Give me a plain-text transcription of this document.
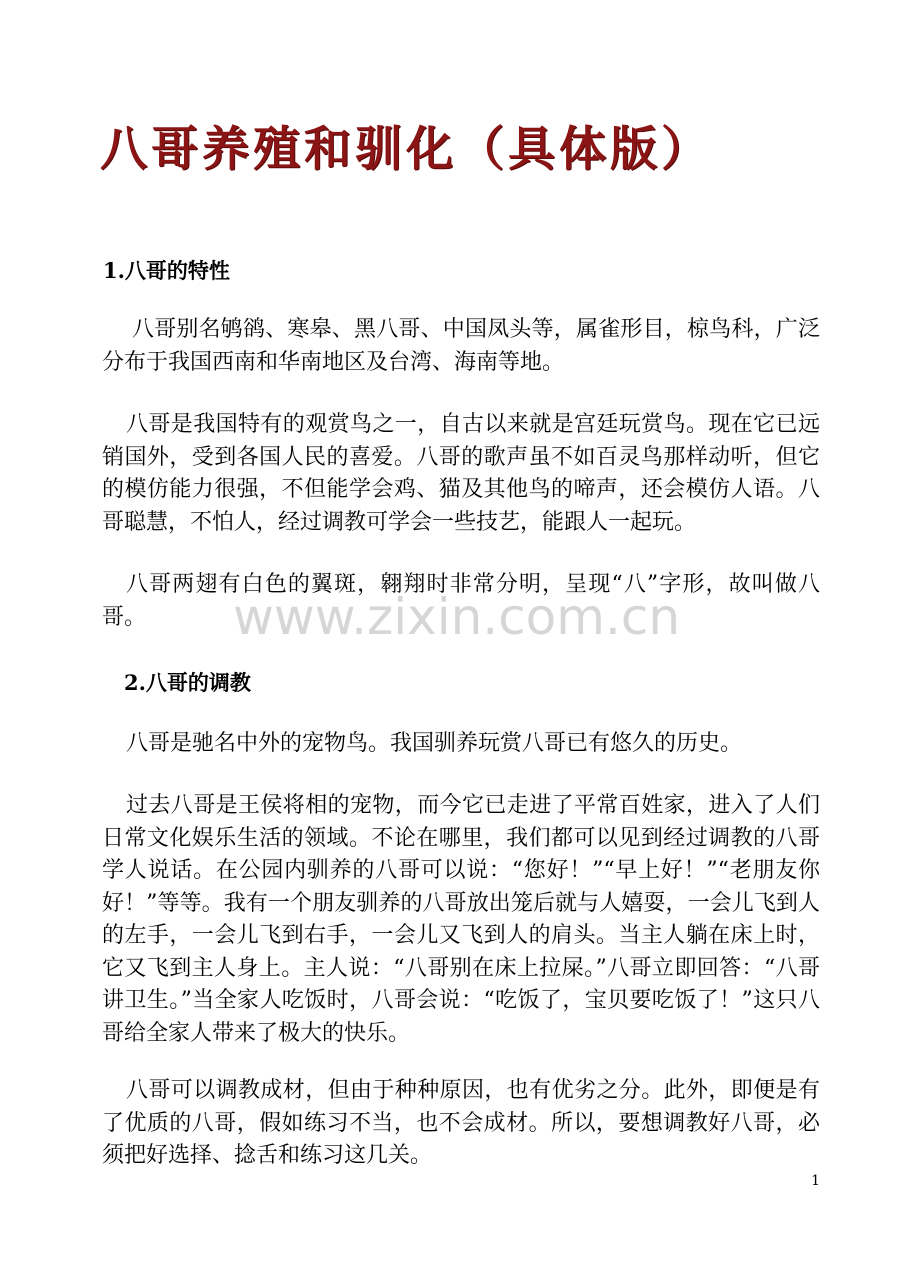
八哥养殖和驯化（具体版）
1.八哥的特性

八哥别名鸲鹆、寒皋、黑八哥、中国凤头等，属雀形目，椋鸟科，广泛分布于我国西南和华南地区及台湾、海南等地。

八哥是我国特有的观赏鸟之一，自古以来就是宫廷玩赏鸟。现在它已远销国外，受到各国人民的喜爱。八哥的歌声虽不如百灵鸟那样动听，但它的模仿能力很强，不但能学会鸡、猫及其他鸟的啼声，还会模仿人语。八哥聪慧，不怕人，经过调教可学会一些技艺，能跟人一起玩。

八哥两翅有白色的翼斑，翱翔时非常分明，呈现“八”字形，故叫做八哥。	www.zixin.com.cn
2.八哥的调教

八哥是驰名中外的宠物鸟。我国驯养玩赏八哥已有悠久的历史。

过去八哥是王侯将相的宠物，而今它已走进了平常百姓家，进入了人们日常文化娱乐生活的领域。不论在哪里，我们都可以见到经过调教的八哥学人说话。在公园内驯养的八哥可以说：“您好！”“早上好！”“老朋友你好！”等等。我有一个朋友驯养的八哥放出笼后就与人嬉耍，一会儿飞到人的左手，一会儿飞到右手，一会儿又飞到人的肩头。当主人躺在床上时，它又飞到主人身上。主人说：“八哥别在床上拉屎。”八哥立即回答：“八哥讲卫生。”当全家人吃饭时，八哥会说：“吃饭了，宝贝要吃饭了！”这只八哥给全家人带来了极大的快乐。

八哥可以调教成材，但由于种种原因，也有优劣之分。此外，即便是有了优质的八哥，假如练习不当，也不会成材。所以，要想调教好八哥，必须把好选择、捻舌和练习这几关。

1
